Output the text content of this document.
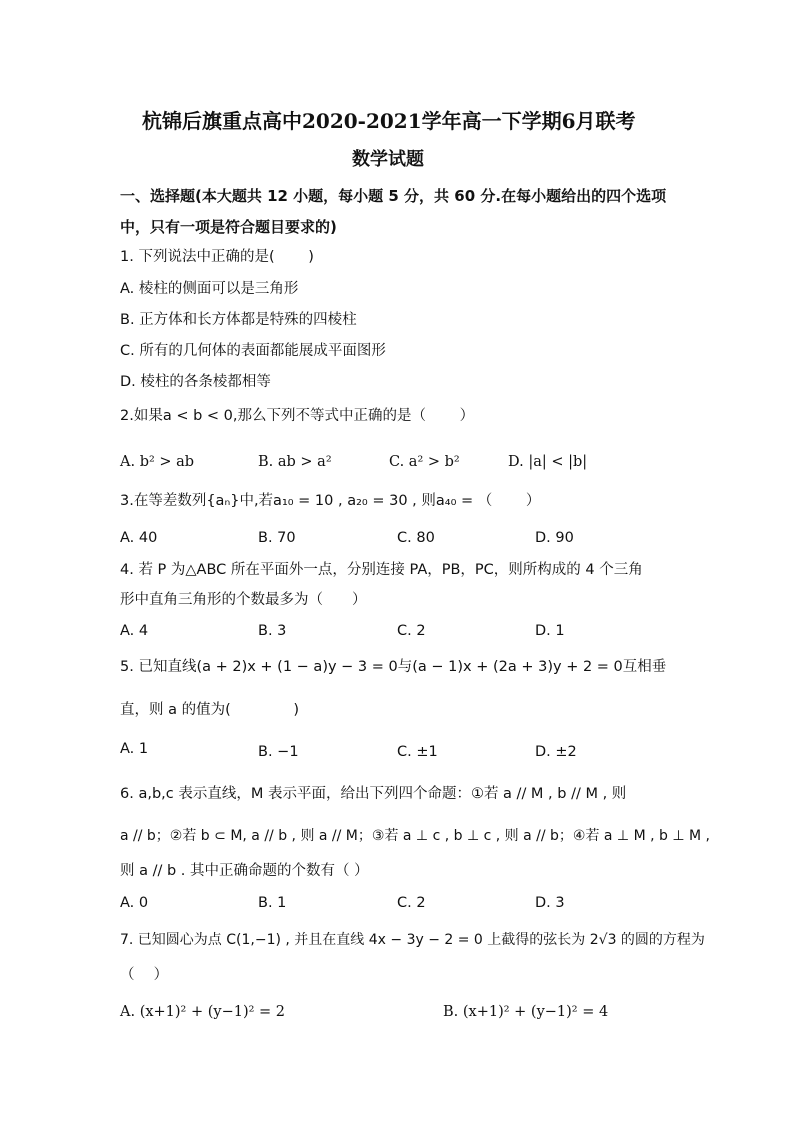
杭锦后旗重点高中2020-2021学年高一下学期6月联考
数学试题
一、选择题(本大题共 12 小题，每小题 5 分，共 60 分.在每小题给出的四个选项
中，只有一项是符合题目要求的)
1. 下列说法中正确的是(　　 )
A. 棱柱的侧面可以是三角形
B. 正方体和长方体都是特殊的四棱柱
C. 所有的几何体的表面都能展成平面图形
D. 棱柱的各条棱都相等
2.如果a < b < 0,那么下列不等式中正确的是（　　 ）
A. b² > ab	B. ab > a²	C. a² > b²	D. |a| < |b|
3.在等差数列{aₙ}中,若a₁₀ = 10 , a₂₀ = 30 , 则a₄₀ = （　　 ）
A. 40	B. 70	C. 80	D. 90
4. 若 P 为△ABC 所在平面外一点，分别连接 PA，PB，PC，则所构成的 4 个三角
形中直角三角形的个数最多为（　　）
A. 4	B. 3	C. 2	D. 1
5. 已知直线(a + 2)x + (1 − a)y − 3 = 0与(a − 1)x + (2a + 3)y + 2 = 0互相垂
直，则 a 的值为(　　　　 )
A. 1	B. −1	C. ±1	D. ±2
6. a,b,c 表示直线，M 表示平面，给出下列四个命题：①若 a // M , b // M , 则
a // b；②若 b ⊂ M, a // b , 则 a // M；③若 a ⊥ c , b ⊥ c , 则 a // b；④若 a ⊥ M , b ⊥ M ,
则 a // b . 其中正确命题的个数有（ ）
A. 0	B. 1	C. 2	D. 3
7. 已知圆心为点 C(1,−1) , 并且在直线 4x − 3y − 2 = 0 上截得的弦长为 2√3 的圆的方程为
（　 ）
A. (x+1)² + (y−1)² = 2	B. (x+1)² + (y−1)² = 4
